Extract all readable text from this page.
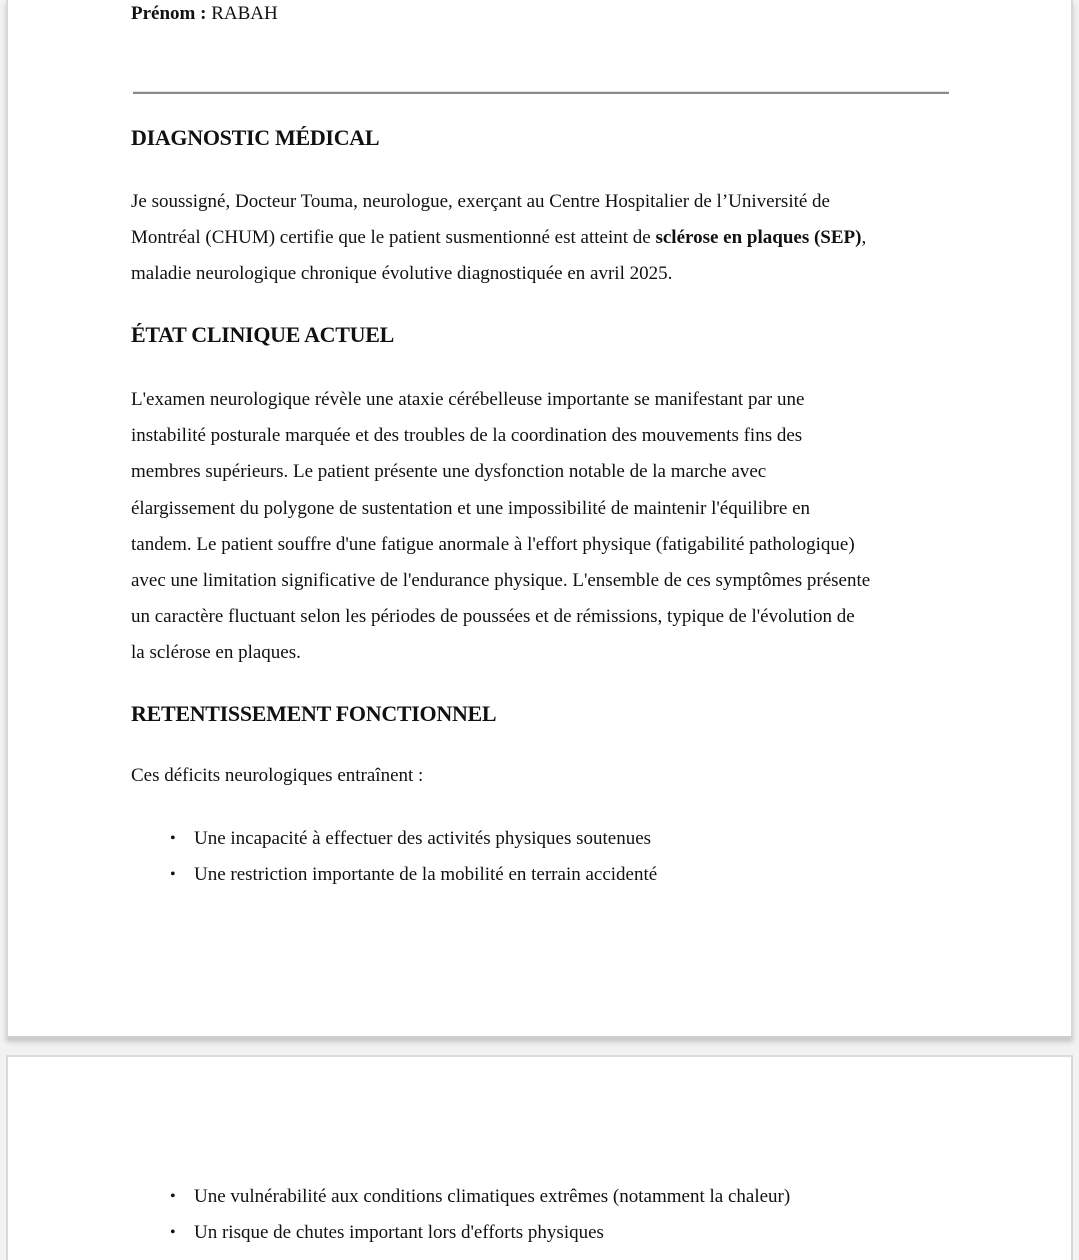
Prénom : RABAH
DIAGNOSTIC MÉDICAL

Je soussigné, Docteur Touma, neurologue, exerçant au Centre Hospitalier de l’Université de

Montréal (CHUM) certifie que le patient susmentionné est atteint de sclérose en plaques (SEP),

maladie neurologique chronique évolutive diagnostiquée en avril 2025.

ÉTAT CLINIQUE ACTUEL

L'examen neurologique révèle une ataxie cérébelleuse importante se manifestant par une

instabilité posturale marquée et des troubles de la coordination des mouvements fins des

membres supérieurs. Le patient présente une dysfonction notable de la marche avec

élargissement du polygone de sustentation et une impossibilité de maintenir l'équilibre en

tandem. Le patient souffre d'une fatigue anormale à l'effort physique (fatigabilité pathologique)

avec une limitation significative de l'endurance physique. L'ensemble de ces symptômes présente

un caractère fluctuant selon les périodes de poussées et de rémissions, typique de l'évolution de

la sclérose en plaques.

RETENTISSEMENT FONCTIONNEL
Ces déficits neurologiques entraînent :
• Une incapacité à effectuer des activités physiques soutenues
• Une restriction importante de la mobilité en terrain accidenté
• Une vulnérabilité aux conditions climatiques extrêmes (notamment la chaleur)
• Un risque de chutes important lors d'efforts physiques
